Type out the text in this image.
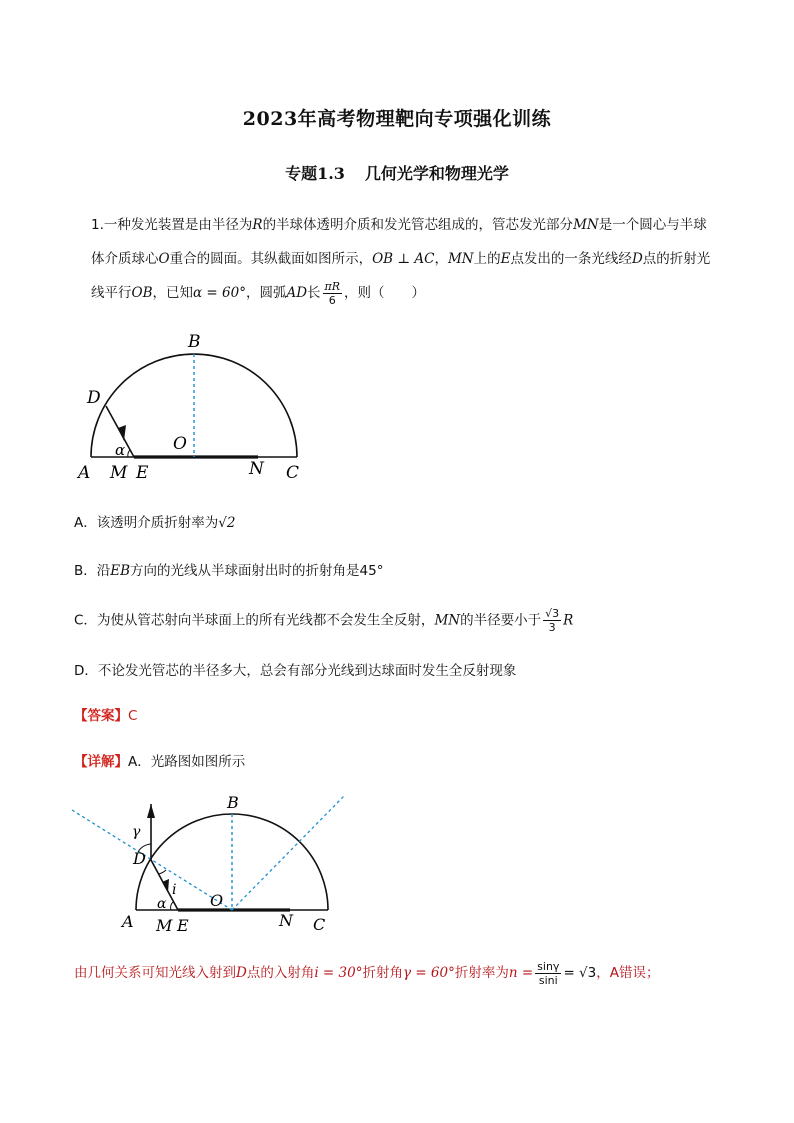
2023年高考物理靶向专项强化训练
专题1.3 几何光学和物理光学
1.一种发光装置是由半径为R的半球体透明介质和发光管芯组成的，管芯发光部分MN是一个圆心与半球
体介质球心O重合的圆面。其纵截面如图所示，OB ⊥ AC，MN上的E点发出的一条光线经D点的折射光
线平行OB，已知α = 60°，圆弧AD长 $\frac{\pi R}{6}$ ，则（　　）
B
D
O
α
A M E	N C
A．该透明介质折射率为√2
B．沿EB方向的光线从半球面射出时的折射角是45°
C．为使从管芯射向半球面上的所有光线都不会发生全反射，MN的半径要小于 $\frac{√3}{3}$ R
D．不论发光管芯的半径多大，总会有部分光线到达球面时发生全反射现象
【答案】C
【详解】A．光路图如图所示
B
γ
D
i
O
α
A M E	N C
由几何关系可知光线入射到D点的入射角i = 30°折射角γ = 60°折射率为$n = \frac{\sin\gamma}{\sin i} = √3$，A错误；
